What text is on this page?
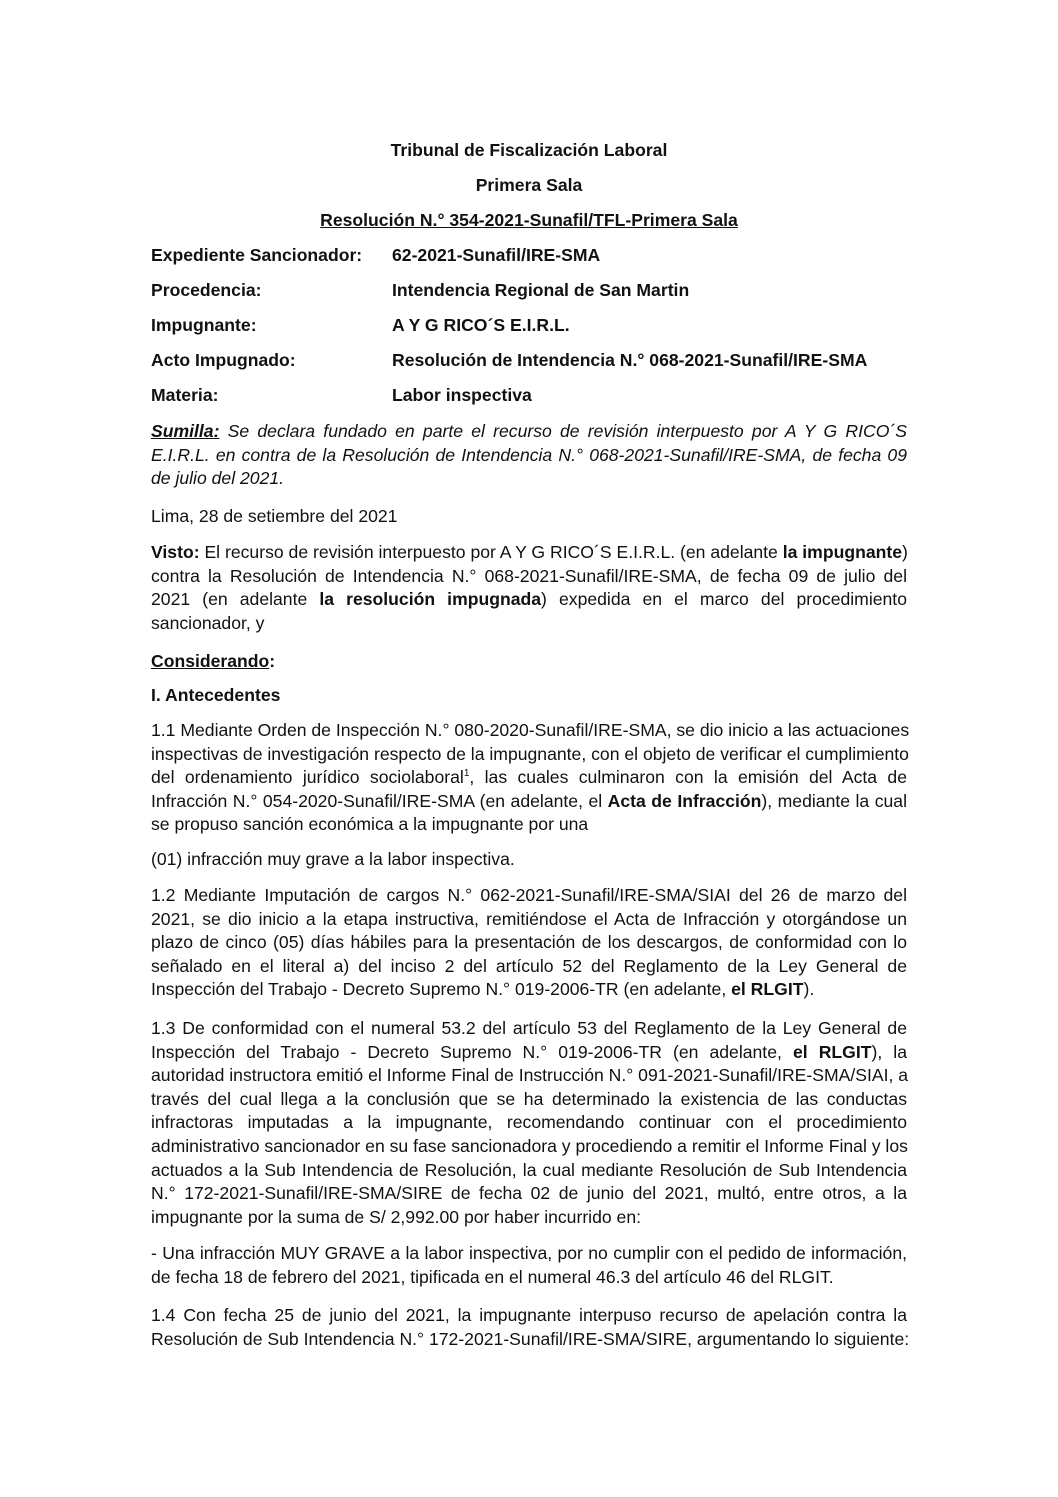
Tribunal de Fiscalización Laboral
Primera Sala
Resolución N.° 354-2021-Sunafil/TFL-Primera Sala
Expediente Sancionador: 62-2021-Sunafil/IRE-SMA
Procedencia:	Intendencia Regional de San Martin
Impugnante:	A Y G RICO´S E.I.R.L.
Acto Impugnado:	Resolución de Intendencia N.° 068-2021-Sunafil/IRE-SMA
Materia:	Labor inspectiva
Sumilla: Se declara fundado en parte el recurso de revisión interpuesto por A Y G RICO´S
E.I.R.L. en contra de la Resolución de Intendencia N.° 068-2021-Sunafil/IRE-SMA, de fecha 09
de julio del 2021.
Lima, 28 de setiembre del 2021
Visto: El recurso de revisión interpuesto por A Y G RICO´S E.I.R.L. (en adelante la impugnante)
contra la Resolución de Intendencia N.° 068-2021-Sunafil/IRE-SMA, de fecha 09 de julio del
2021 (en adelante la resolución impugnada) expedida en el marco del procedimiento
sancionador, y
Considerando:
I. Antecedentes
1.1 Mediante Orden de Inspección N.° 080-2020-Sunafil/IRE-SMA, se dio inicio a las actuaciones
inspectivas de investigación respecto de la impugnante, con el objeto de verificar el cumplimiento
del ordenamiento jurídico sociolaboral$^1$, las cuales culminaron con la emisión del Acta de
Infracción N.° 054-2020-Sunafil/IRE-SMA (en adelante, el Acta de Infracción), mediante la cual
se propuso sanción económica a la impugnante por una
(01) infracción muy grave a la labor inspectiva.
1.2 Mediante Imputación de cargos N.° 062-2021-Sunafil/IRE-SMA/SIAI del 26 de marzo del
2021, se dio inicio a la etapa instructiva, remitiéndose el Acta de Infracción y otorgándose un
plazo de cinco (05) días hábiles para la presentación de los descargos, de conformidad con lo
señalado en el literal a) del inciso 2 del artículo 52 del Reglamento de la Ley General de
Inspección del Trabajo - Decreto Supremo N.° 019-2006-TR (en adelante, el RLGIT).
1.3 De conformidad con el numeral 53.2 del artículo 53 del Reglamento de la Ley General de
Inspección del Trabajo - Decreto Supremo N.° 019-2006-TR (en adelante, el RLGIT), la
autoridad instructora emitió el Informe Final de Instrucción N.° 091-2021-Sunafil/IRE-SMA/SIAI, a
través del cual llega a la conclusión que se ha determinado la existencia de las conductas
infractoras imputadas a la impugnante, recomendando continuar con el procedimiento
administrativo sancionador en su fase sancionadora y procediendo a remitir el Informe Final y los
actuados a la Sub Intendencia de Resolución, la cual mediante Resolución de Sub Intendencia
N.° 172-2021-Sunafil/IRE-SMA/SIRE de fecha 02 de junio del 2021, multó, entre otros, a la
impugnante por la suma de S/ 2,992.00 por haber incurrido en:
- Una infracción MUY GRAVE a la labor inspectiva, por no cumplir con el pedido de información,
de fecha 18 de febrero del 2021, tipificada en el numeral 46.3 del artículo 46 del RLGIT.
1.4 Con fecha 25 de junio del 2021, la impugnante interpuso recurso de apelación contra la
Resolución de Sub Intendencia N.° 172-2021-Sunafil/IRE-SMA/SIRE, argumentando lo siguiente:
